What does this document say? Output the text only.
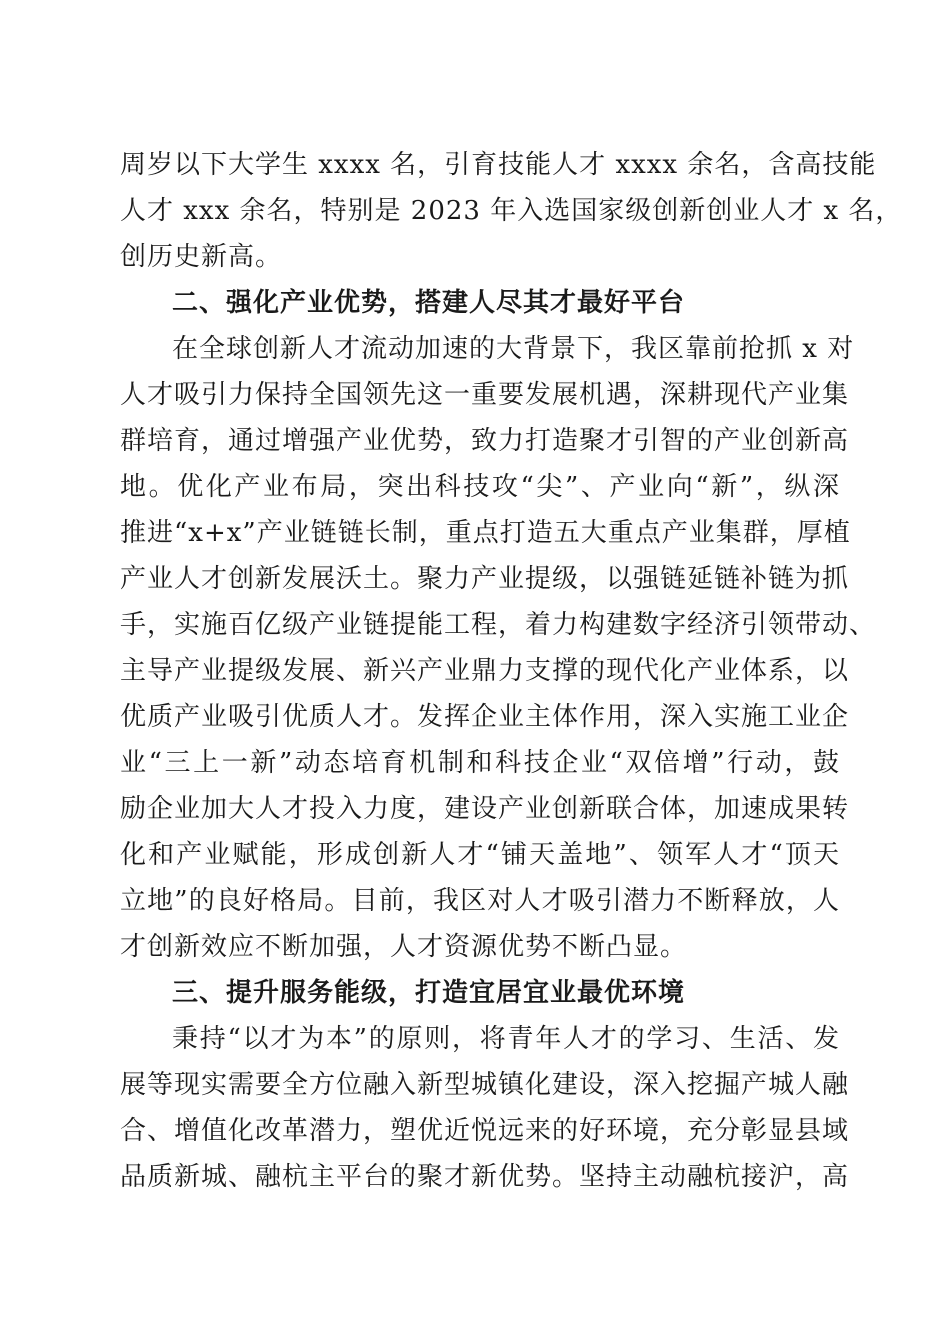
周岁以下大学生 xxxx 名，引育技能人才 xxxx 余名，含高技能
人才 xxx 余名，特别是 2023 年入选国家级创新创业人才 x 名，
创历史新高。
二、强化产业优势，搭建人尽其才最好平台
在全球创新人才流动加速的大背景下，我区靠前抢抓 x 对
人才吸引力保持全国领先这一重要发展机遇，深耕现代产业集
群培育，通过增强产业优势，致力打造聚才引智的产业创新高
地。优化产业布局，突出科技攻“尖”、产业向“新”，纵深
推进“x+x”产业链链长制，重点打造五大重点产业集群，厚植
产业人才创新发展沃土。聚力产业提级，以强链延链补链为抓
手，实施百亿级产业链提能工程，着力构建数字经济引领带动、
主导产业提级发展、新兴产业鼎力支撑的现代化产业体系，以
优质产业吸引优质人才。发挥企业主体作用，深入实施工业企
业“三上一新”动态培育机制和科技企业“双倍增”行动，鼓
励企业加大人才投入力度，建设产业创新联合体，加速成果转
化和产业赋能，形成创新人才“铺天盖地”、领军人才“顶天
立地”的良好格局。目前，我区对人才吸引潜力不断释放，人
才创新效应不断加强，人才资源优势不断凸显。
三、提升服务能级，打造宜居宜业最优环境
秉持“以才为本”的原则，将青年人才的学习、生活、发
展等现实需要全方位融入新型城镇化建设，深入挖掘产城人融
合、增值化改革潜力，塑优近悦远来的好环境，充分彰显县域
品质新城、融杭主平台的聚才新优势。坚持主动融杭接沪，高
